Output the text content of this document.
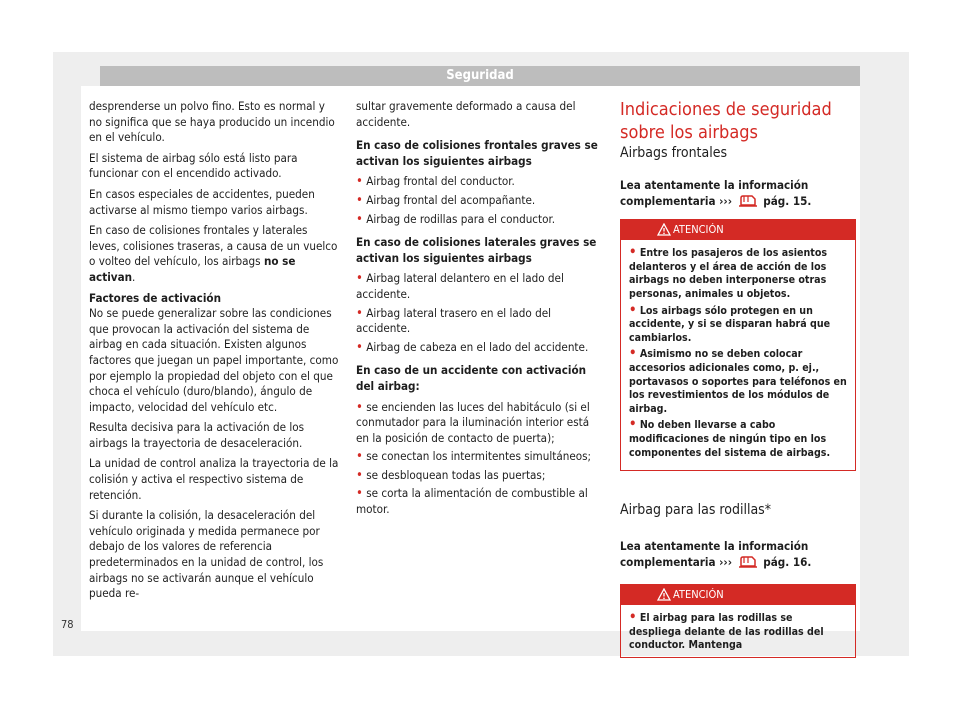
Seguridad

desprenderse un polvo fino. Esto es normal y no significa que se haya producido un incendio en el vehículo.

El sistema de airbag sólo está listo para funcionar con el encendido activado.

En casos especiales de accidentes, pueden activarse al mismo tiempo varios airbags.

En caso de colisiones frontales y laterales leves, colisiones traseras, a causa de un vuelco o volteo del vehículo, los airbags no se activan.

Factores de activación

No se puede generalizar sobre las condiciones que provocan la activación del sistema de airbag en cada situación. Existen algunos factores que juegan un papel importante, como por ejemplo la propiedad del objeto con el que choca el vehículo (duro/blando), ángulo de impacto, velocidad del vehículo etc.

Resulta decisiva para la activación de los airbags la trayectoria de desaceleración.

La unidad de control analiza la trayectoria de la colisión y activa el respectivo sistema de retención.

Si durante la colisión, la desaceleración del vehículo originada y medida permanece por debajo de los valores de referencia predeterminados en la unidad de control, los airbags no se activarán aunque el vehículo pueda re-

sultar gravemente deformado a causa del accidente.

En caso de colisiones frontales graves se activan los siguientes airbags

• Airbag frontal del conductor.
• Airbag frontal del acompañante.
• Airbag de rodillas para el conductor.

En caso de colisiones laterales graves se activan los siguientes airbags

• Airbag lateral delantero en el lado del accidente.
• Airbag lateral trasero en el lado del accidente.
• Airbag de cabeza en el lado del accidente.

En caso de un accidente con activación del airbag:

• se encienden las luces del habitáculo (si el conmutador para la iluminación interior está en la posición de contacto de puerta);
• se conectan los intermitentes simultáneos;
• se desbloquean todas las puertas;
• se corta la alimentación de combustible al motor.
Indicaciones de seguridad sobre los airbags

Airbags frontales

Lea atentamente la información complementaria ›››	pág. 15.

ATENCIÓN
• Entre los pasajeros de los asientos delanteros y el área de acción de los airbags no deben interponerse otras personas, animales u objetos.
• Los airbags sólo protegen en un accidente, y si se disparan habrá que cambiarlos.
• Asimismo no se deben colocar accesorios adicionales como, p. ej., portavasos o soportes para teléfonos en los revestimientos de los módulos de airbag.
• No deben llevarse a cabo modificaciones de ningún tipo en los componentes del sistema de airbags.

Airbag para las rodillas*

Lea atentamente la información complementaria ›››	pág. 16.

ATENCIÓN
• El airbag para las rodillas se despliega delante de las rodillas del conductor. Mantenga
78
